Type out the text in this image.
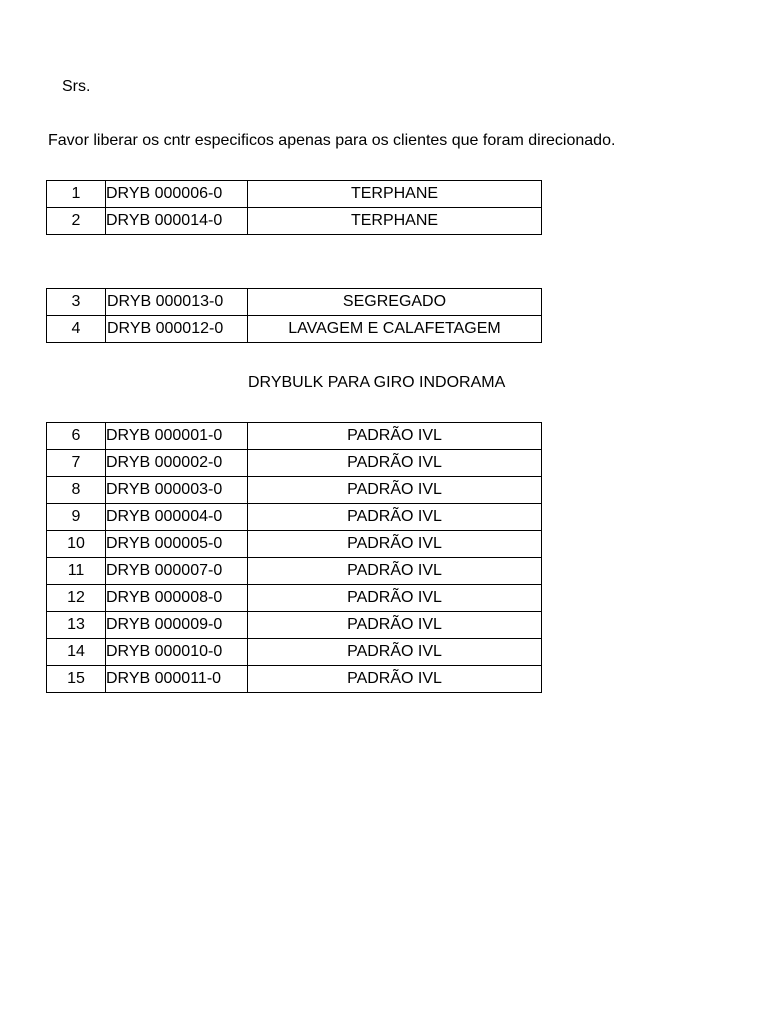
Srs.
Favor liberar os cntr especificos apenas para os clientes que foram direcionado.
1	DRYB 000006-0	TERPHANE
2	DRYB 000014-0	TERPHANE
3	DRYB 000013-0	SEGREGADO
4	DRYB 000012-0	LAVAGEM E CALAFETAGEM
DRYBULK PARA GIRO INDORAMA
6	DRYB 000001-0	PADRÃO IVL
7	DRYB 000002-0	PADRÃO IVL
8	DRYB 000003-0	PADRÃO IVL
9	DRYB 000004-0	PADRÃO IVL
10	DRYB 000005-0	PADRÃO IVL
11	DRYB 000007-0	PADRÃO IVL
12	DRYB 000008-0	PADRÃO IVL
13	DRYB 000009-0	PADRÃO IVL
14	DRYB 000010-0	PADRÃO IVL
15	DRYB 000011-0	PADRÃO IVL
